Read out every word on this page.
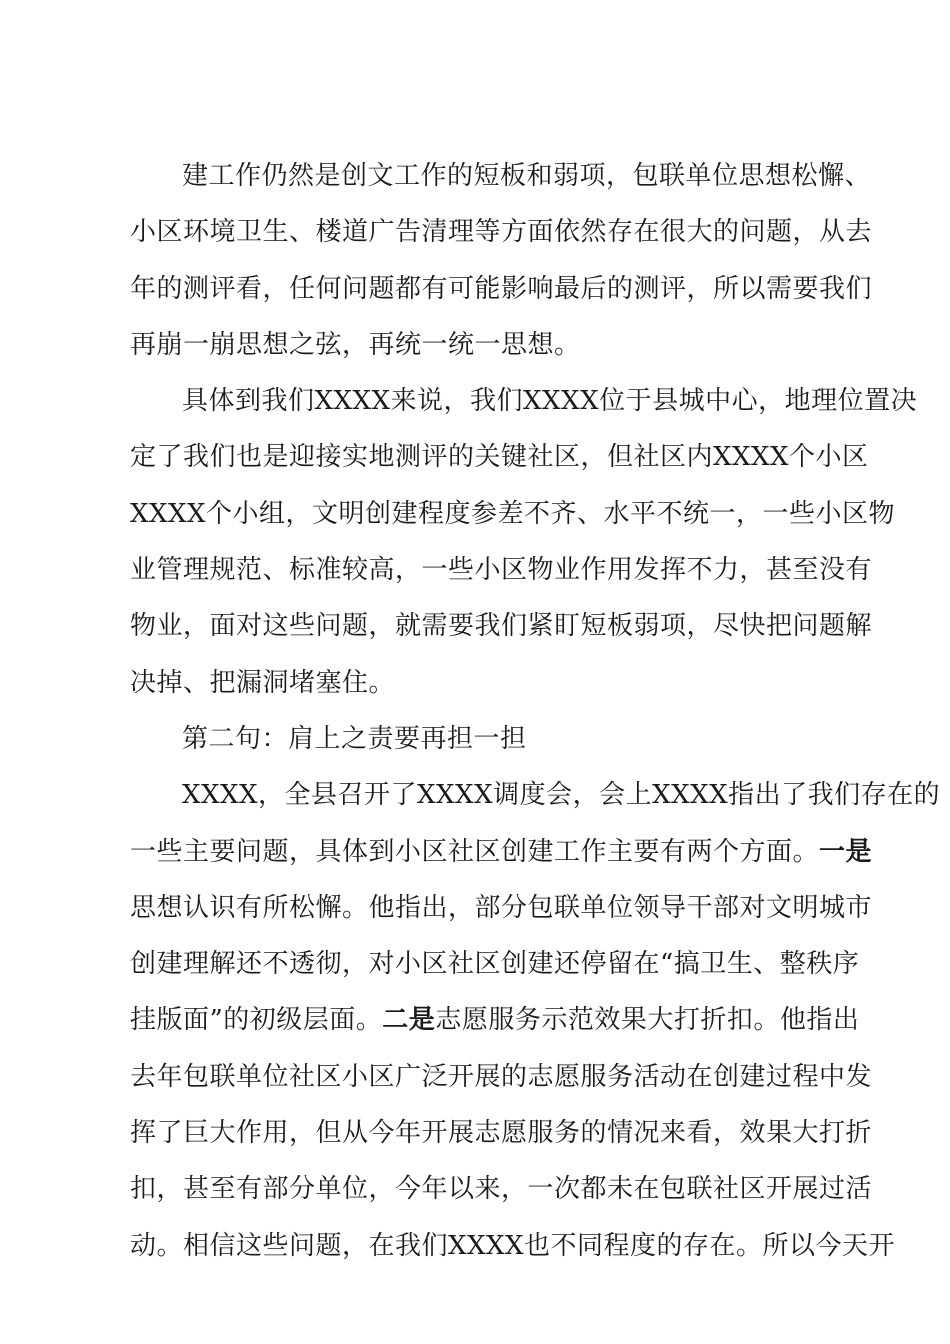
建工作仍然是创文工作的短板和弱项，包联单位思想松懈、
小区环境卫生、楼道广告清理等方面依然存在很大的问题，从去
年的测评看，任何问题都有可能影响最后的测评，所以需要我们
再崩一崩思想之弦，再统一统一思想。
具体到我们XXXX来说，我们XXXX位于县城中心，地理位置决
定了我们也是迎接实地测评的关键社区，但社区内XXXX个小区
XXXX个小组，文明创建程度参差不齐、水平不统一，一些小区物
业管理规范、标准较高，一些小区物业作用发挥不力，甚至没有
物业，面对这些问题，就需要我们紧盯短板弱项，尽快把问题解
决掉、把漏洞堵塞住。
第二句：肩上之责要再担一担
XXXX，全县召开了XXXX调度会，会上XXXX指出了我们存在的
一些主要问题，具体到小区社区创建工作主要有两个方面。一是
思想认识有所松懈。他指出，部分包联单位领导干部对文明城市
创建理解还不透彻，对小区社区创建还停留在“搞卫生、整秩序
挂版面”的初级层面。二是志愿服务示范效果大打折扣。他指出
去年包联单位社区小区广泛开展的志愿服务活动在创建过程中发
挥了巨大作用，但从今年开展志愿服务的情况来看，效果大打折
扣，甚至有部分单位，今年以来，一次都未在包联社区开展过活
动。相信这些问题，在我们XXXX也不同程度的存在。所以今天开
